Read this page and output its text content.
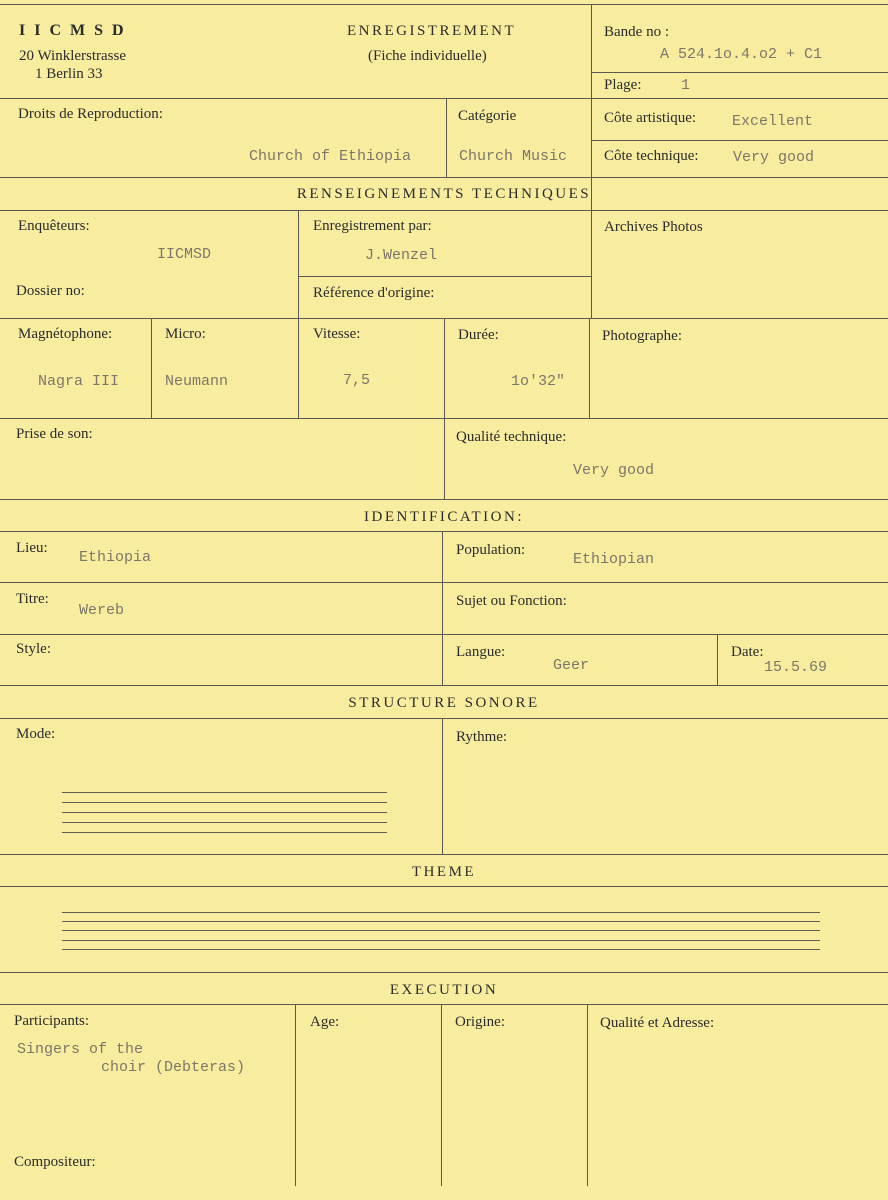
IICMSD
20 Winklerstrasse
1 Berlin 33
ENREGISTREMENT
(Fiche individuelle)
Bande no :
A 524.1o.4.o2 + C1
Plage:	1
Droits de Reproduction:
Church of Ethiopia
Catégorie
Church Music
Côte artistique: Excellent
Côte technique: Very good
RENSEIGNEMENTS TECHNIQUES
Enquêteurs:
IICMSD
Enregistrement par:
J.Wenzel
Archives Photos
Dossier no:	Référence d'origine:
Magnétophone:
Nagra III
Micro:
Neumann
Vitesse:
7,5
Durée:
1o'32"
Photographe:
Prise de son:	Qualité technique:
Very good
IDENTIFICATION:
Lieu:
Ethiopia	Population:
Ethiopian
Titre:
Wereb
Sujet ou Fonction:
Style:	Langue:
Geer
Date:
15.5.69
STRUCTURE SONORE
Mode:	Rythme:
THEME
EXECUTION
Participants:
Singers of the
choir (Debteras)
Age:	Origine:	Qualité et Adresse:
Compositeur:
